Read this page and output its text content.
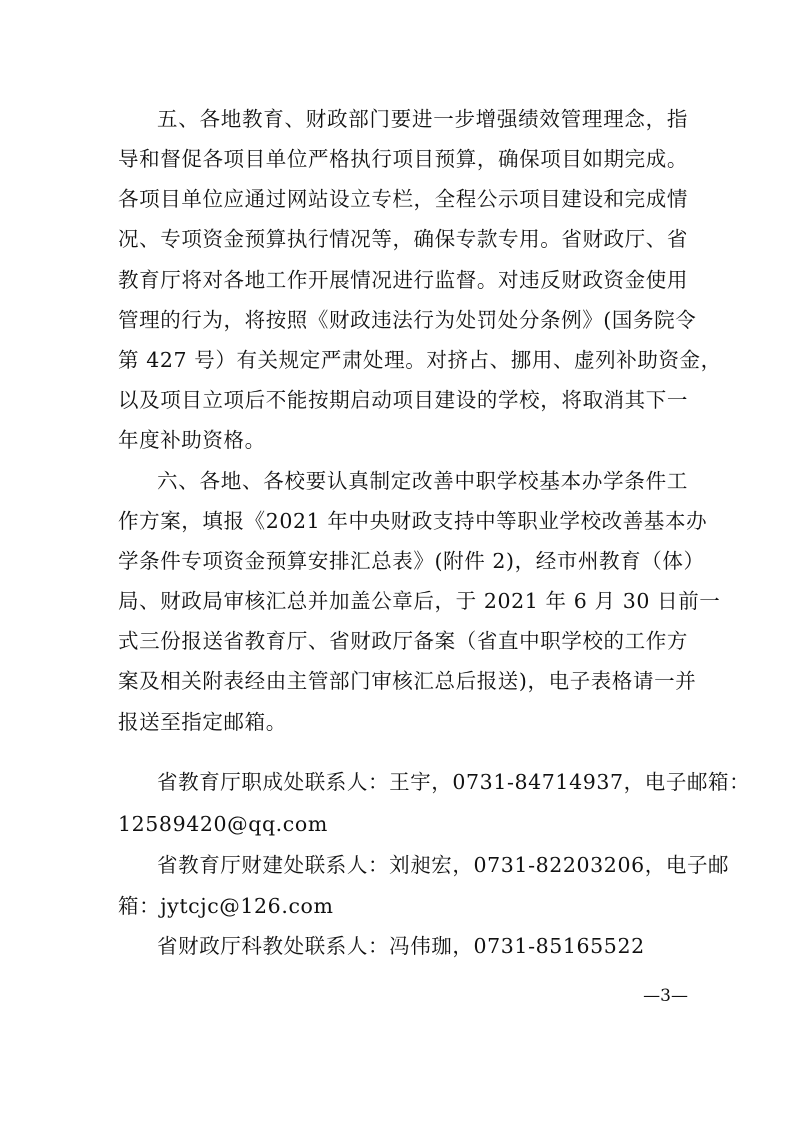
五、各地教育、财政部门要进一步增强绩效管理理念，指
导和督促各项目单位严格执行项目预算，确保项目如期完成。
各项目单位应通过网站设立专栏，全程公示项目建设和完成情
况、专项资金预算执行情况等，确保专款专用。省财政厅、省
教育厅将对各地工作开展情况进行监督。对违反财政资金使用
管理的行为，将按照《财政违法行为处罚处分条例》(国务院令
第 427 号）有关规定严肃处理。对挤占、挪用、虚列补助资金，
以及项目立项后不能按期启动项目建设的学校，将取消其下一
年度补助资格。
六、各地、各校要认真制定改善中职学校基本办学条件工
作方案，填报《2021 年中央财政支持中等职业学校改善基本办
学条件专项资金预算安排汇总表》(附件 2)，经市州教育（体）
局、财政局审核汇总并加盖公章后，于 2021 年 6 月 30 日前一
式三份报送省教育厅、省财政厅备案（省直中职学校的工作方
案及相关附表经由主管部门审核汇总后报送)，电子表格请一并
报送至指定邮箱。
省教育厅职成处联系人：王宇，0731-84714937，电子邮箱：
12589420@qq.com
省教育厅财建处联系人：刘昶宏，0731-82203206，电子邮
箱：jytcjc@126.com
省财政厅科教处联系人：冯伟珈，0731-85165522
—3—
